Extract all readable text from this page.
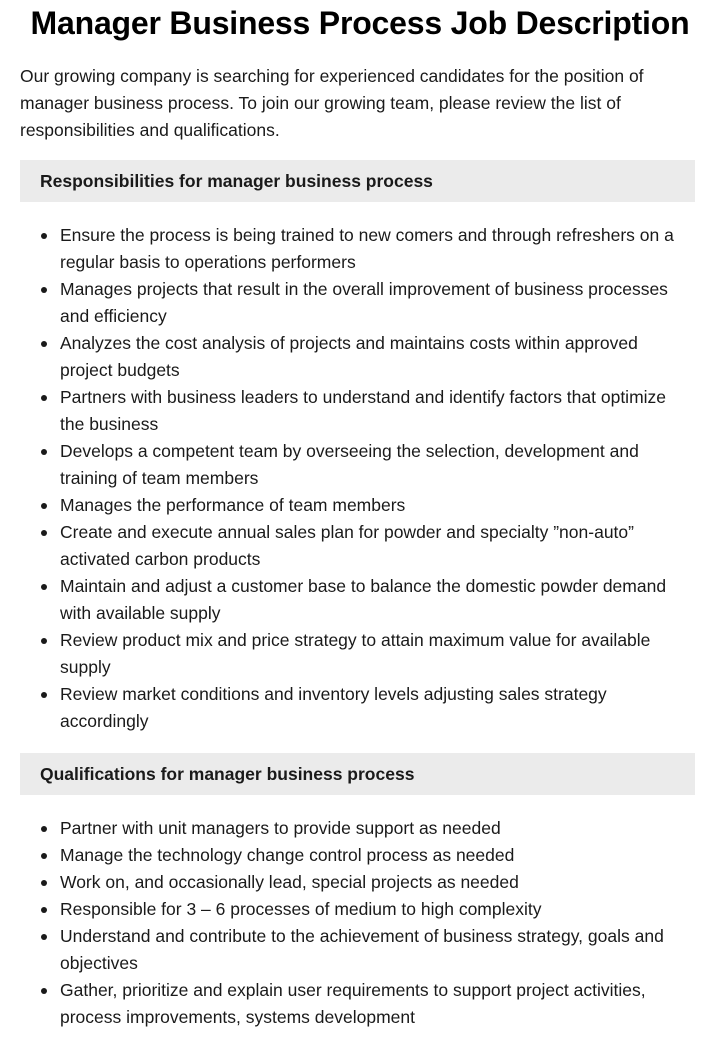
Manager Business Process Job Description

Our growing company is searching for experienced candidates for the position of manager business process. To join our growing team, please review the list of responsibilities and qualifications.

Responsibilities for manager business process
Ensure the process is being trained to new comers and through refreshers on a regular basis to operations performers
Manages projects that result in the overall improvement of business processes and efficiency
Analyzes the cost analysis of projects and maintains costs within approved project budgets
Partners with business leaders to understand and identify factors that optimize the business
Develops a competent team by overseeing the selection, development and training of team members
Manages the performance of team members
Create and execute annual sales plan for powder and specialty ”non-auto” activated carbon products
Maintain and adjust a customer base to balance the domestic powder demand with available supply
Review product mix and price strategy to attain maximum value for available supply
Review market conditions and inventory levels adjusting sales strategy accordingly
Qualifications for manager business process
Partner with unit managers to provide support as needed
Manage the technology change control process as needed
Work on, and occasionally lead, special projects as needed
Responsible for 3 – 6 processes of medium to high complexity
Understand and contribute to the achievement of business strategy, goals and objectives
Gather, prioritize and explain user requirements to support project activities, process improvements, systems development
